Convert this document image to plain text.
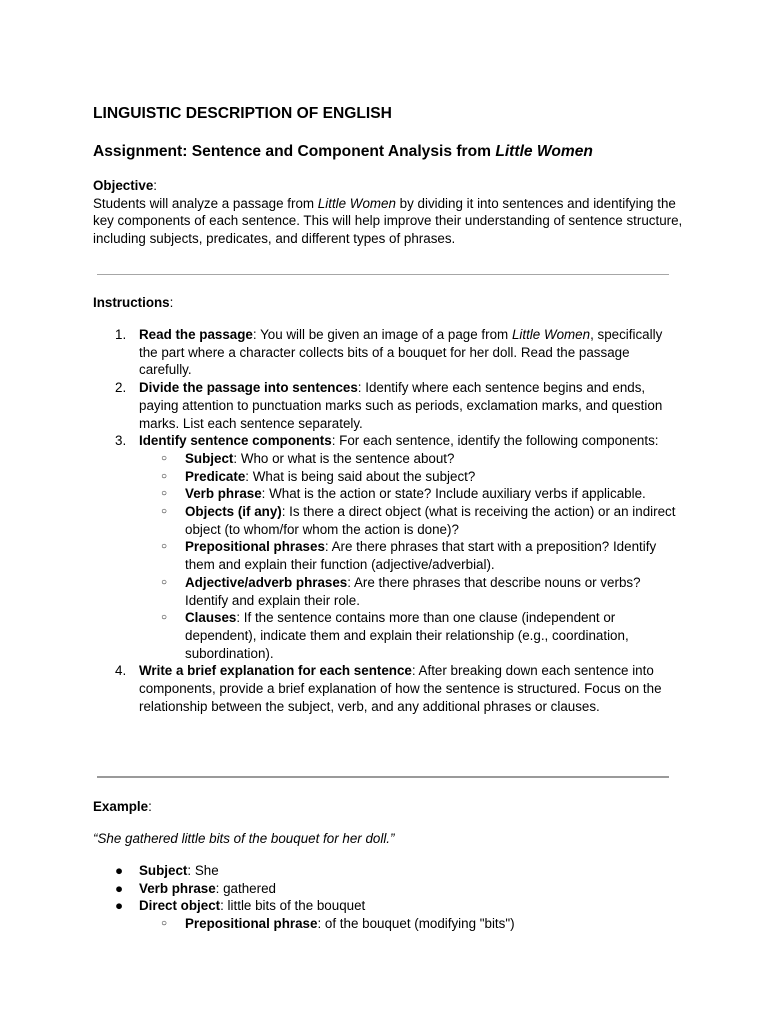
LINGUISTIC DESCRIPTION OF ENGLISH
Assignment: Sentence and Component Analysis from Little Women
Objective:
Students will analyze a passage from Little Women by dividing it into sentences and identifying the key components of each sentence. This will help improve their understanding of sentence structure, including subjects, predicates, and different types of phrases.
Instructions:
1. Read the passage: You will be given an image of a page from Little Women, specifically the part where a character collects bits of a bouquet for her doll. Read the passage carefully.
2. Divide the passage into sentences: Identify where each sentence begins and ends, paying attention to punctuation marks such as periods, exclamation marks, and question marks. List each sentence separately.
3. Identify sentence components: For each sentence, identify the following components:
○ Subject: Who or what is the sentence about?
○ Predicate: What is being said about the subject?
○ Verb phrase: What is the action or state? Include auxiliary verbs if applicable.
○ Objects (if any): Is there a direct object (what is receiving the action) or an indirect object (to whom/for whom the action is done)?
○ Prepositional phrases: Are there phrases that start with a preposition? Identify them and explain their function (adjective/adverbial).
○ Adjective/adverb phrases: Are there phrases that describe nouns or verbs? Identify and explain their role.
○ Clauses: If the sentence contains more than one clause (independent or dependent), indicate them and explain their relationship (e.g., coordination, subordination).
4. Write a brief explanation for each sentence: After breaking down each sentence into components, provide a brief explanation of how the sentence is structured. Focus on the relationship between the subject, verb, and any additional phrases or clauses.
Example:
“She gathered little bits of the bouquet for her doll.”
● Subject: She
● Verb phrase: gathered
● Direct object: little bits of the bouquet
○ Prepositional phrase: of the bouquet (modifying "bits")
